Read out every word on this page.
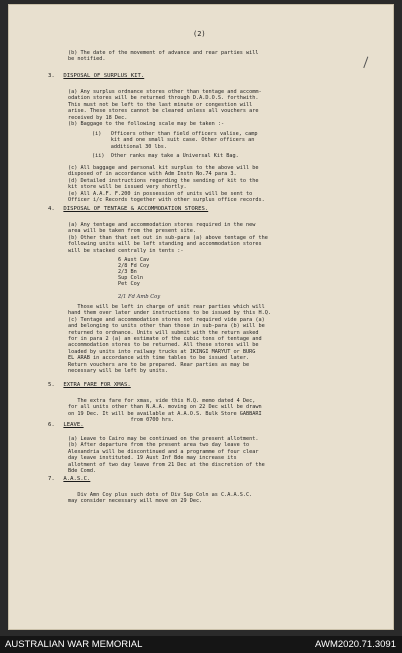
(2)
(b) The date of the movement of advance and rear parties will
be notified.
3. DISPOSAL OF SURPLUS KIT.
(a) Any surplus ordnance stores other than tentage and accomm-
odation stores will be returned through D.A.D.O.S. forthwith.
This must not be left to the last minute or congestion will
arise. These stores cannot be cleared unless all vouchers are
received by 18 Dec.
(b) Baggage to the following scale may be taken :-
(i)   Officers other than field officers valise, camp
kit and one small suit case. Other officers an
additional 30 lbs.
(ii)  Other ranks may take a Universal Kit Bag.
(c) All baggage and personal kit surplus to the above will be
disposed of in accordance with Adm Instn No.74 para 3.
(d) Detailed instructions regarding the sending of kit to the
kit store will be issued very shortly.
(e) All A.A.F. F.200 in possession of units will be sent to
Officer i/c Records together with other surplus office records.
4. DISPOSAL OF TENTAGE & ACCOMMODATION STORES.
(a) Any tentage and accommodation stores required in the new
area will be taken from the present site.
(b) Other than that set out in sub-para (a) above tentage of the
following units will be left standing and accommodation stores
will be stacked centrally in tents :-
6 Aust Cav
2/8 Fd Coy
2/3 Bn
Sup Coln
Pet Coy
2/1 Fd Amb Coy
Those will be left in charge of unit rear parties which will
hand them over later under instructions to be issued by this H.Q.
(c) Tentage and accommodation stores not required vide para (a)
and belonging to units other than those in sub-para (b) will be
returned to ordnance. Units will submit with the return asked
for in para 2 (a) an estimate of the cubic tons of tentage and
accommodation stores to be returned. All these stores will be
loaded by units into railway trucks at IKINGI MARYUT or BURG
EL ARAB in accordance with time tables to be issued later.
Return vouchers are to be prepared. Rear parties as may be
necessary will be left by units.
5. EXTRA FARE FOR XMAS.
The extra fare for xmas, vide this H.Q. memo dated 4 Dec,
for all units other than N.A.A. moving on 22 Dec will be drawn
on 19 Dec. It will be available at A.A.O.S. Bulk Store GABBARI
from 0700 hrs.
6. LEAVE.
(a) Leave to Cairo may be continued on the present allotment.
(b) After departure from the present area two day leave to
Alexandria will be discontinued and a programme of four clear
day leave instituted. 19 Aust Inf Bde may increase its
allotment of two day leave from 21 Dec at the discretion of the
Bde Comd.
7. A.A.S.C.
Div Amn Coy plus such dots of Div Sup Coln as C.A.A.S.C.
may consider necessary will move on 29 Dec.
AUSTRALIAN WAR MEMORIAL	AWM2020.71.3091
